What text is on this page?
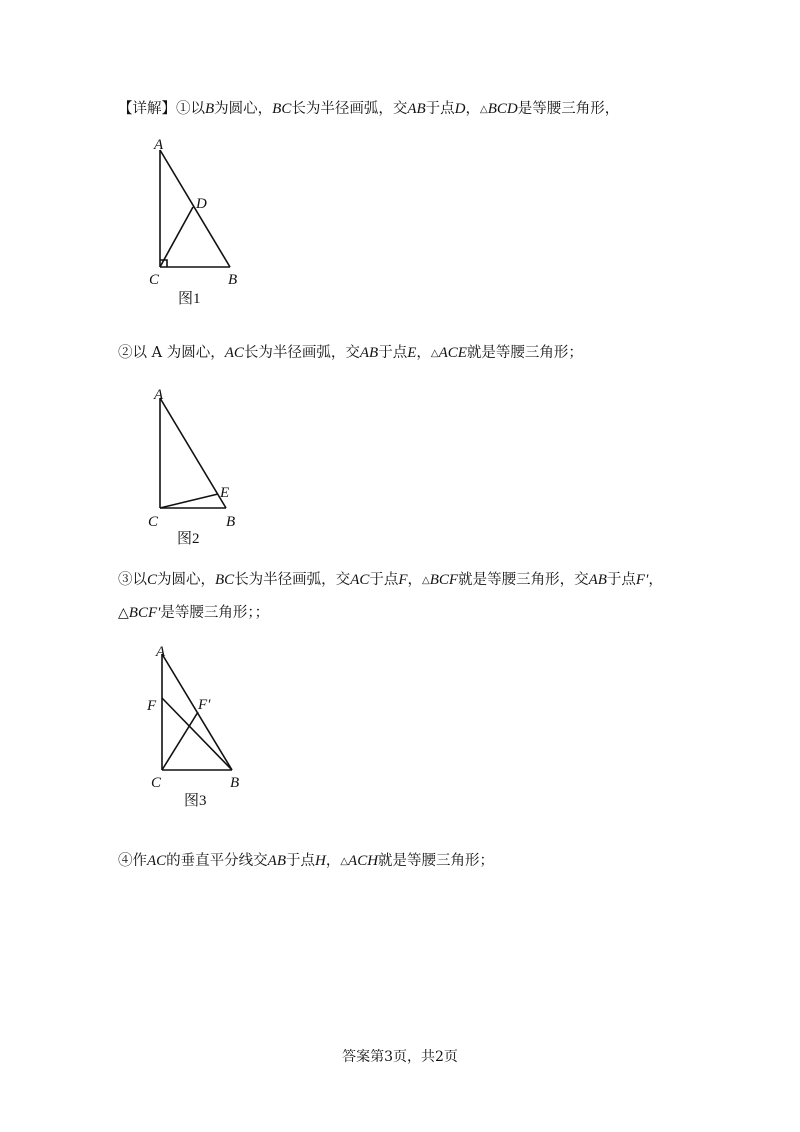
【详解】①以B为圆心，BC长为半径画弧，交AB于点D，△BCD是等腰三角形，
A
D
C	B
图1
②以 A 为圆心，AC长为半径画弧，交AB于点E，△ACE就是等腰三角形；
A
E
C	B
图2
③以C为圆心，BC长为半径画弧，交AC于点F，△BCF就是等腰三角形，交AB于点F′，
△BCF′是等腰三角形；；
A
F	F′
C	B
图3
④作AC的垂直平分线交AB于点H，△ACH就是等腰三角形；
答案第3页，共2页
